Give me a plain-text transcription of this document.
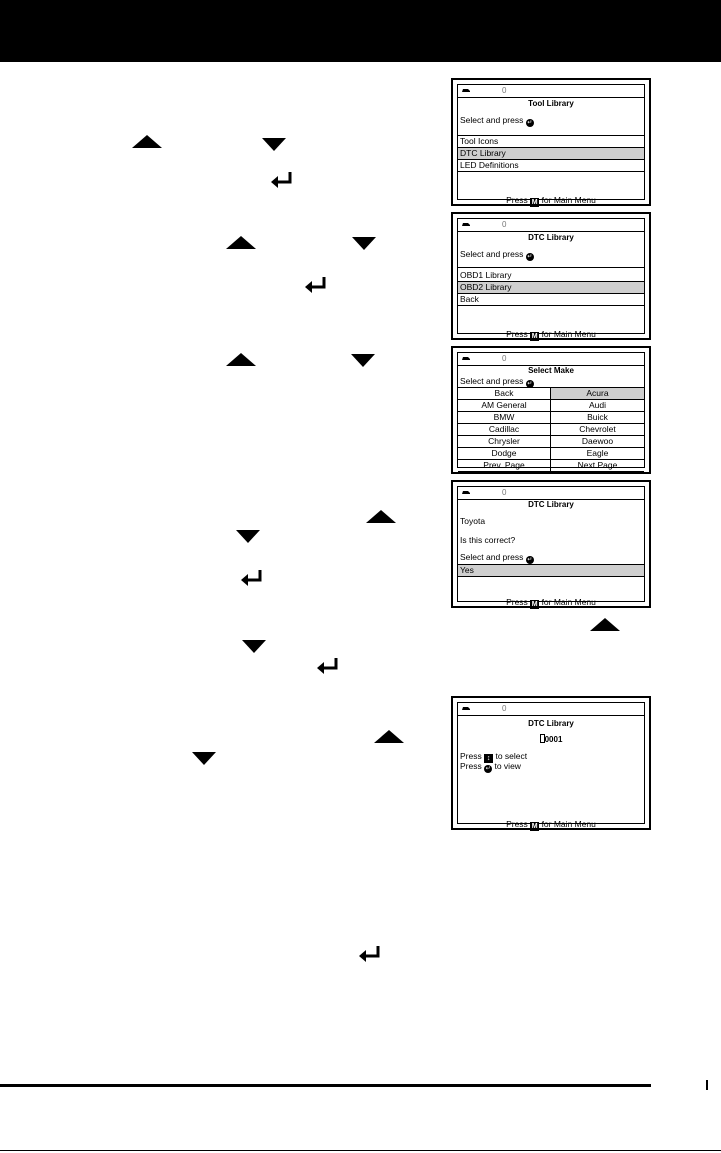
0
Tool Library
Select and press ↵
Tool Icons
DTC Library
LED Definitions
Press M for Main Menu
0
DTC Library
Select and press ↵
OBD1 Library
OBD2 Library
Back
Press M for Main Menu
0
Select Make
Select and press ↵
Back	Acura
AM General	Audi
BMW	Buick
Cadillac	Chevrolet
Chrysler	Daewoo
Dodge	Eagle
Prev. Page	Next Page
0
DTC Library
Toyota
Is this correct?
Select and press ↵
Yes
Press M for Main Menu
0
DTC Library
0001
Press ↕ to select
Press ↵ to view
Press M for Main Menu
